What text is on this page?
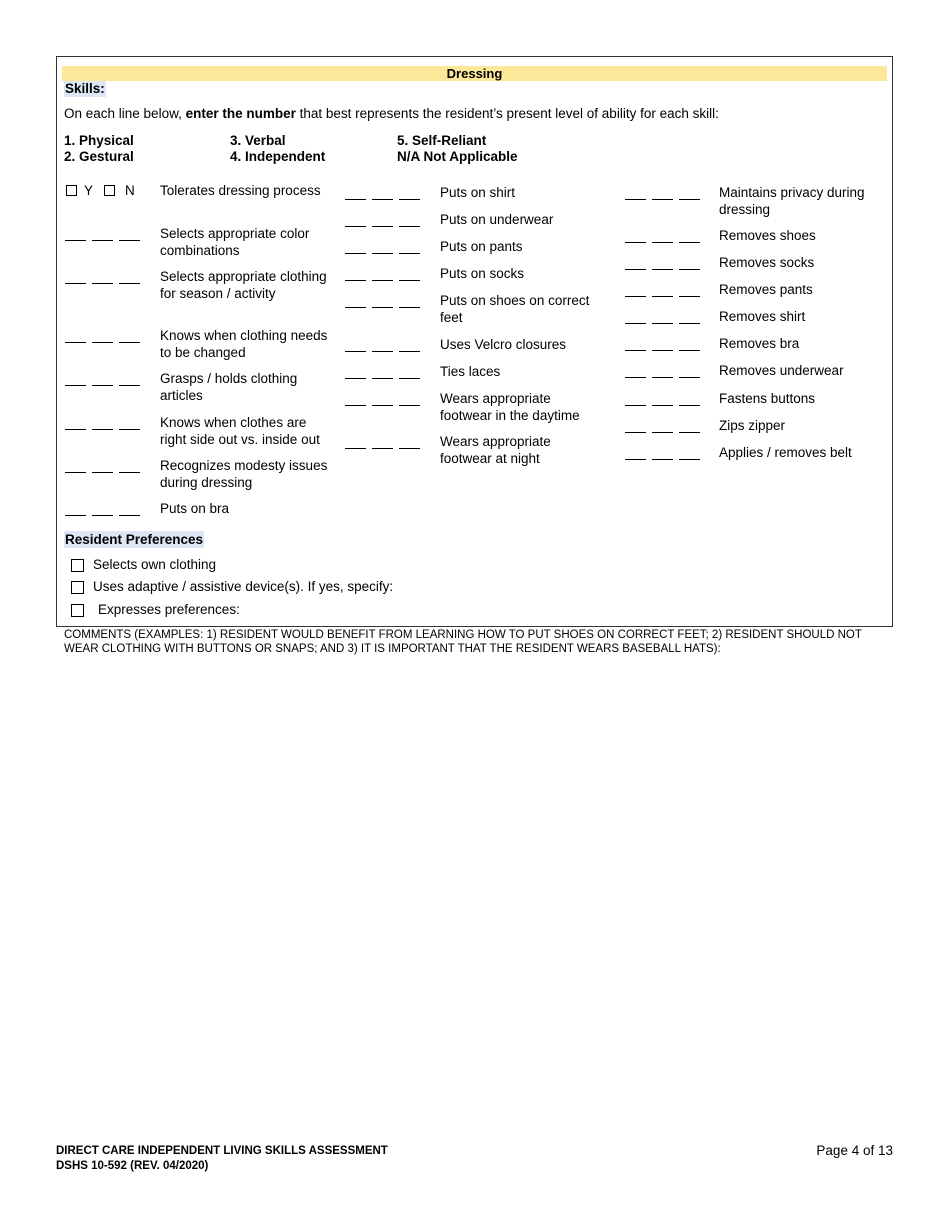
Dressing
Skills:
On each line below, enter the number that best represents the resident’s present level of ability for each skill:
1. Physical
2. Gestural
3. Verbal
4. Independent
5. Self-Reliant
N/A Not Applicable
Y N Tolerates dressing process
Selects appropriate color combinations
Selects appropriate clothing for season / activity
Knows when clothing needs to be changed
Grasps / holds clothing articles
Knows when clothes are right side out vs. inside out
Recognizes modesty issues during dressing
Puts on bra
Puts on shirt
Puts on underwear
Puts on pants
Puts on socks
Puts on shoes on correct feet
Uses Velcro closures
Ties laces
Wears appropriate footwear in the daytime
Wears appropriate footwear at night
Maintains privacy during dressing
Removes shoes
Removes socks
Removes pants
Removes shirt
Removes bra
Removes underwear
Fastens buttons
Zips zipper
Applies / removes belt
Resident Preferences
Selects own clothing
Uses adaptive / assistive device(s). If yes, specify:
Expresses preferences:
COMMENTS (EXAMPLES: 1) RESIDENT WOULD BENEFIT FROM LEARNING HOW TO PUT SHOES ON CORRECT FEET; 2) RESIDENT SHOULD NOT WEAR CLOTHING WITH BUTTONS OR SNAPS; AND 3) IT IS IMPORTANT THAT THE RESIDENT WEARS BASEBALL HATS):
DIRECT CARE INDEPENDENT LIVING SKILLS ASSESSMENT
DSHS 10-592 (REV. 04/2020)
Page 4 of 13
